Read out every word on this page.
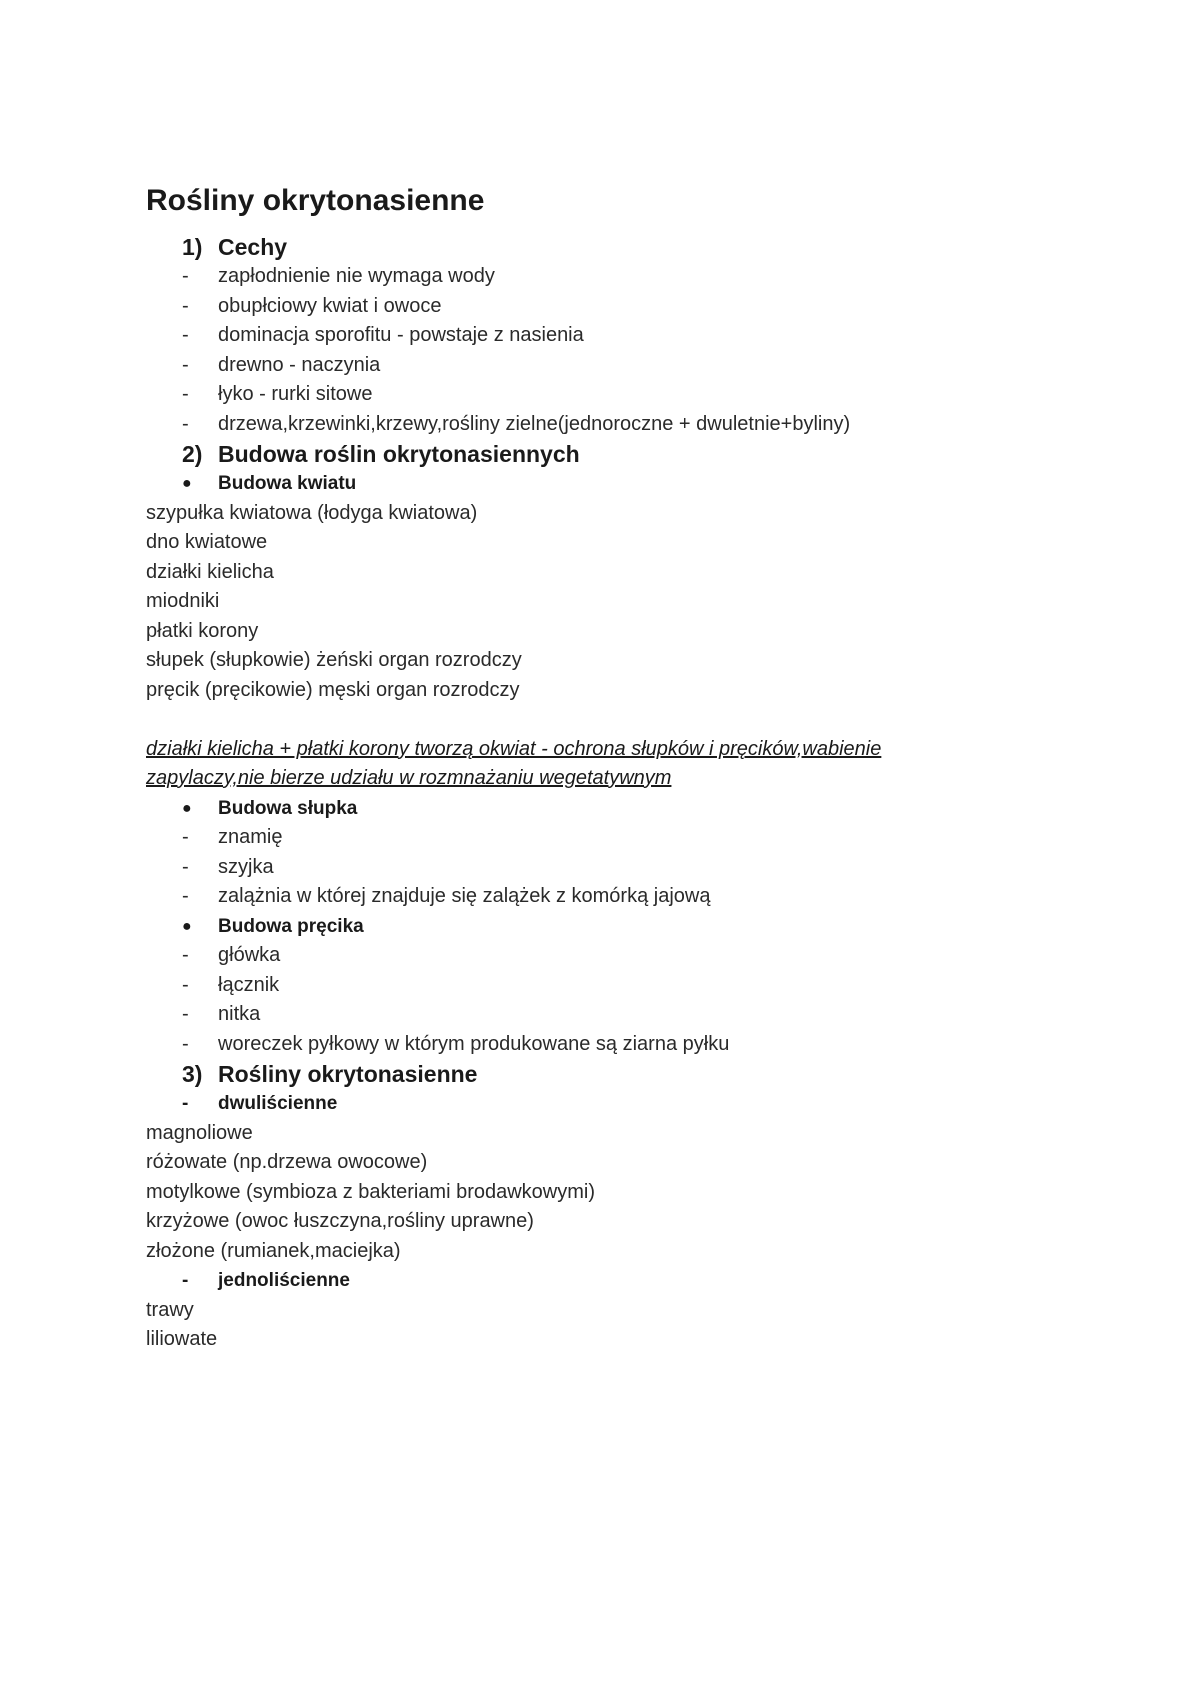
Rośliny okrytonasienne
1) Cechy
-	zapłodnienie nie wymaga wody
-	obupłciowy kwiat i owoce
-	dominacja sporofitu - powstaje z nasienia
-	drewno - naczynia
-	łyko - rurki sitowe
-	drzewa,krzewinki,krzewy,rośliny zielne(jednoroczne + dwuletnie+byliny)
2) Budowa roślin okrytonasiennych
●	Budowa kwiatu
szypułka kwiatowa (łodyga kwiatowa)
dno kwiatowe
działki kielicha
miodniki
płatki korony
słupek (słupkowie) żeński organ rozrodczy
pręcik (pręcikowie) męski organ rozrodczy
działki kielicha + płatki korony tworzą okwiat - ochrona słupków i pręcików,wabienie
zapylaczy,nie bierze udziału w rozmnażaniu wegetatywnym
●	Budowa słupka
-	znamię
-	szyjka
-	zalążnia w której znajduje się zalążek z komórką jajową
●	Budowa pręcika
-	główka
-	łącznik
-	nitka
-	woreczek pyłkowy w którym produkowane są ziarna pyłku
3) Rośliny okrytonasienne
-	dwuliścienne
magnoliowe
różowate (np.drzewa owocowe)
motylkowe (symbioza z bakteriami brodawkowymi)
krzyżowe (owoc łuszczyna,rośliny uprawne)
złożone (rumianek,maciejka)
-	jednoliścienne
trawy
liliowate
